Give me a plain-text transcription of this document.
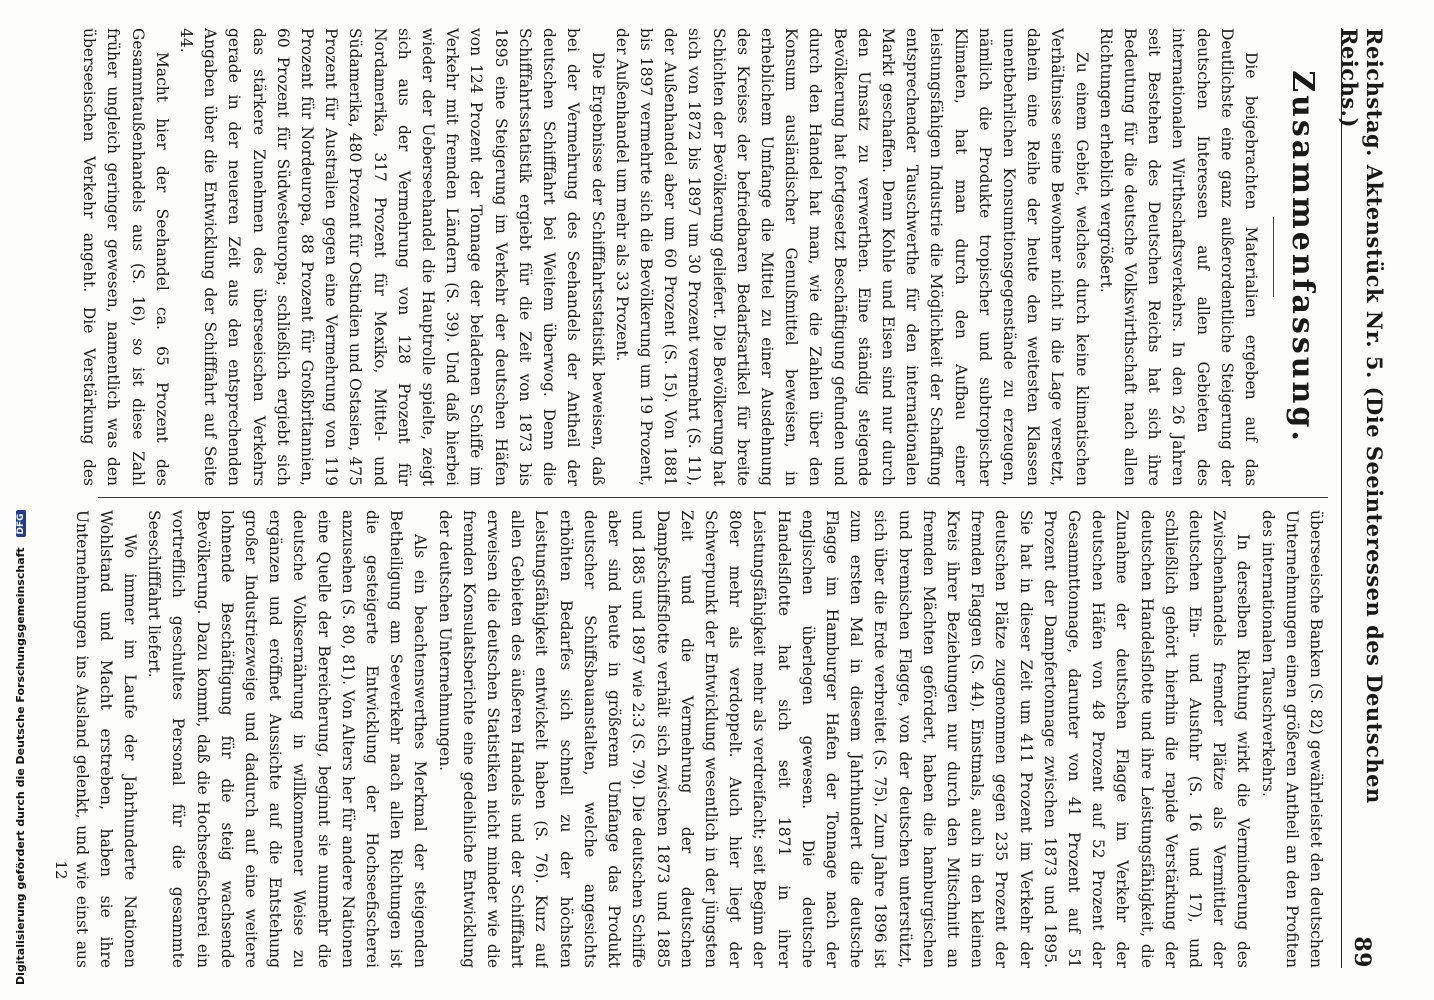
Digitalisierung gefördert durch die Deutsche Forschungsgemeinschaft DFG	Reichstag. Aktenstück Nr. 5. (Die Seeinteressen des Deutschen Reichs.)
89
Zusammenfassung.

Die beigebrachten Materialien ergeben auf das Deutlichste eine ganz außerordentliche Steigerung der deutschen Interessen auf allen Gebieten des internationalen Wirthschaftsverkehrs. In den 26 Jahren seit Bestehen des Deutschen Reichs hat sich ihre Bedeutung für die deutsche Volkswirthschaft nach allen Richtungen erheblich vergrößert.

Zu einem Gebiet, welches durch keine klimatischen Verhältnisse seine Bewohner nicht in die Lage versetzt, dahein eine Reihe der heute den weitesten Klassen unentbehrlichen Konsumtionsgegenstände zu erzeugen, nämlich die Produkte tropischer und subtropischer Klimaten, hat man durch den Aufbau einer leistungsfähigen Industrie die Möglichkeit der Schaffung entsprechender Tauschwerthe für den internationalen Markt geschaffen. Denn Kohle und Eisen sind nur durch den Umsatz zu verwerthen. Eine ständig steigende Bevölkerung hat fortgesetzt Beschäftigung gefunden und durch den Handel hat man, wie die Zahlen über den Konsum ausländischer Genußmittel beweisen, in erheblichem Umfange die Mittel zu einer Ausdehnung des Kreises der befriedbaren Bedarfsartikel für breite Schichten der Bevölkerung geliefert. Die Bevölkerung hat sich von 1872 bis 1897 um 30 Prozent vermehrt (S. 11), der Außenhandel aber um 60 Prozent (S. 15). Von 1881 bis 1897 vermehrte sich die Bevölkerung um 19 Prozent, der Außenhandel um mehr als 33 Prozent.

Die Ergebnisse der Schifffahrtsstatistik beweisen, daß bei der Vermehrung des Seehandels der Antheil der deutschen Schifffahrt bei Weitem überwog. Denn die Schifffahrtsstatistik ergiebt für die Zeit von 1873 bis 1895 eine Steigerung im Verkehr der deutschen Häfen von 124 Prozent der Tonnage der beladenen Schiffe im Verkehr mit fremden Ländern (S. 39). Und daß hierbei wieder der Ueberseehandel die Hauptrolle spielte, zeigt sich aus der Vermehrung von 128 Prozent für Nordamerika, 317 Prozent für Mexiko, Mittel- und Südamerika, 480 Prozent für Ostindien und Ostasien, 475 Prozent für Australien gegen eine Vermehrung von 119 Prozent für Nordeuropa, 88 Prozent für Großbritannien, 60 Prozent für Südwesteuropa; schließlich ergiebt sich das stärkere Zunehmen des überseeischen Verkehrs gerade in der neueren Zeit aus den entsprechenden Angaben über die Entwicklung der Schifffahrt auf Seite 44.

Macht hier der Seehandel ca. 65 Prozent des Gesammtaußenhandels aus (S. 16), so ist diese Zahl früher ungleich geringer gewesen, namentlich was den überseeischen Verkehr angeht. Die Verstärkung des

überseeische Banken (S. 82) gewährleistet den deutschen Unternehmungen einen größeren Antheil an den Profiten des internationalen Tauschverkehrs.

In derselben Richtung wirkt die Verminderung des Zwischenhandels fremder Plätze als Vermittler der deutschen Ein- und Ausfuhr (S. 16 und 17), und schließlich gehört hierhin die rapide Verstärkung der deutschen Handelsflotte und ihre Leistungsfähigkeit, die Zunahme der deutschen Flagge im Verkehr der deutschen Häfen von 48 Prozent auf 52 Prozent der Gesammttonnage, darunter von 41 Prozent auf 51 Prozent der Dampfertonnage zwischen 1873 und 1895. Sie hat in dieser Zeit um 411 Prozent im Verkehr der deutschen Plätze zugenommen gegen 235 Prozent der fremden Flaggen (S. 44). Einstmals, auch in den kleinen Kreis ihrer Beziehungen nur durch den Mitschnitt an fremden Mächten gefördert, haben die hamburgischen und bremischen Flagge, von der deutschen unterstützt, sich über die Erde verbreitet (S. 75). Zum Jahre 1896 ist zum ersten Mal in diesem Jahrhundert die deutsche Flagge im Hamburger Hafen der Tonnage nach der englischen überlegen gewesen. Die deutsche Handelsflotte hat sich seit 1871 in ihrer Leistungsfähigkeit mehr als verdreifacht; seit Beginn der 80er mehr als verdoppelt. Auch hier liegt der Schwerpunkt der Entwicklung wesentlich in der jüngsten Zeit und die Vermehrung der deutschen Dampfschiffsflotte verhält sich zwischen 1873 und 1885 und 1885 und 1897 wie 2:3 (S. 79). Die deutschen Schiffe aber sind heute in größerem Umfange das Produkt deutscher Schiffsbauanstalten, welche angesichts erhöhten Bedarfes sich schnell zu der höchsten Leistungsfähigkeit entwickelt haben (S. 76). Kurz auf allen Gebieten des äußeren Handels und der Schifffahrt erweisen die deutschen Statistiken nicht minder wie die fremden Konsulatsberichte eine gedeihliche Entwicklung der deutschen Unternehmungen.

Als ein beachtenswerthes Merkmal der steigenden Betheiligung am Seeverkehr nach allen Richtungen ist die gesteigerte Entwicklung der Hochseefischerei anzusehen (S. 80, 81). Von Alters her für andere Nationen eine Quelle der Bereicherung, beginnt sie nunmehr die deutsche Volksernährung in willkommener Weise zu ergänzen und eröffnet Aussichte auf die Entstehung großer Industriezweige und dadurch auf eine weitere lohnende Beschäftigung für die steig wachsende Bevölkerung. Dazu kommt, daß die Hochseefischerei ein vortrefflich geschultes Personal für die gesammte Seeschifffahrt liefert.

Wo immer im Laufe der Jahrhunderte Nationen Wohlstand und Macht erstreben, haben sie ihre Unternehmungen ins Ausland gelenkt, und wie einst aus

12
